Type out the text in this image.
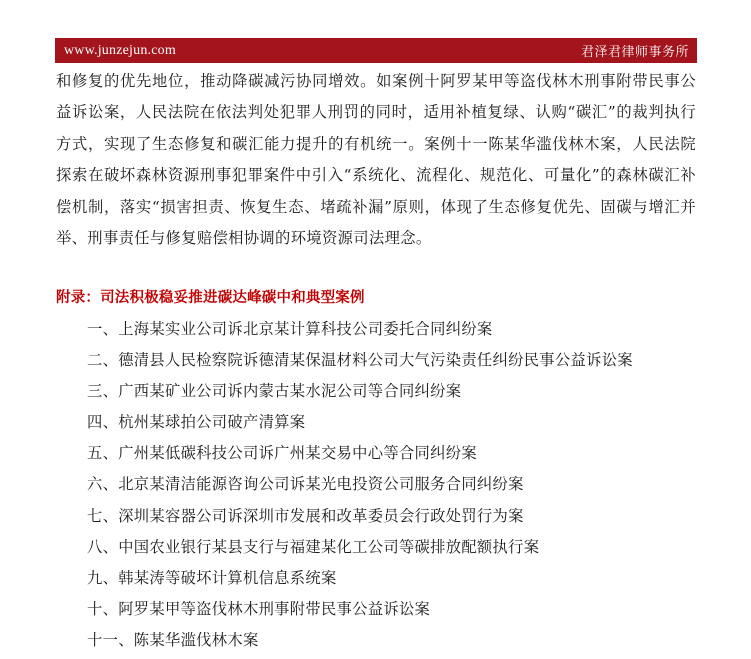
www.junzejun.com	君泽君律师事务所
和修复的优先地位，推动降碳减污协同增效。如案例十阿罗某甲等盗伐林木刑事附带民事公益诉讼案，人民法院在依法判处犯罪人刑罚的同时，适用补植复绿、认购“碳汇”的裁判执行方式，实现了生态修复和碳汇能力提升的有机统一。案例十一陈某华滥伐林木案，人民法院探索在破坏森林资源刑事犯罪案件中引入“系统化、流程化、规范化、可量化”的森林碳汇补偿机制，落实“损害担责、恢复生态、堵疏补漏”原则，体现了生态修复优先、固碳与增汇并举、刑事责任与修复赔偿相协调的环境资源司法理念。
附录：司法积极稳妥推进碳达峰碳中和典型案例
一、上海某实业公司诉北京某计算科技公司委托合同纠纷案
二、德清县人民检察院诉德清某保温材料公司大气污染责任纠纷民事公益诉讼案
三、广西某矿业公司诉内蒙古某水泥公司等合同纠纷案
四、杭州某球拍公司破产清算案
五、广州某低碳科技公司诉广州某交易中心等合同纠纷案
六、北京某清洁能源咨询公司诉某光电投资公司服务合同纠纷案
七、深圳某容器公司诉深圳市发展和改革委员会行政处罚行为案
八、中国农业银行某县支行与福建某化工公司等碳排放配额执行案
九、韩某涛等破坏计算机信息系统案
十、阿罗某甲等盗伐林木刑事附带民事公益诉讼案
十一、陈某华滥伐林木案
